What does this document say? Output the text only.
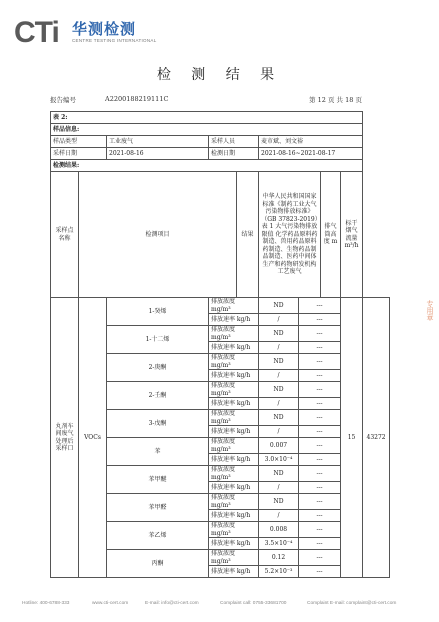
CTi 华测检测
CENTRE TESTING INTERNATIONAL
检 测 结 果
报告编号	A2200188219111C	第 12 页 共 18 页
表 2:									
样品信息:									
样品类型		工业废气	采样人员		麦市斌、刘文裕				
采样日期		2021-08-16	检测日期		2021-08-16~2021-08-17				
检测结果:									
采样点名称	检测项目			结果	中华人民共和国国家标准《制药工业大气污染物排放标准》（GB 37823-2019）表 1 大气污染物排放限值 化学药品原料药制造、兽用药品原料药制造、生物药品制品制造、医药中间体生产和药物研发机构工艺废气		排气筒高度 m	标干烟气流量 m³/h	
丸剂车间废气处理后采样口	VOCs	1-癸烯	排放浓度 mg/m³		ND	---		15	43272
			排放速率 kg/h		/	---			
		1-十二烯	排放浓度 mg/m³		ND	---			
			排放速率 kg/h		/	---			
		2-庚酮	排放浓度 mg/m³		ND	---			
			排放速率 kg/h		/	---			
		2-壬酮	排放浓度 mg/m³		ND	---			
			排放速率 kg/h		/	---			
		3-戊酮	排放浓度 mg/m³		ND	---			
			排放速率 kg/h		/	---			
		苯	排放浓度 mg/m³		0.007	---			
			排放速率 kg/h		3.0×10⁻⁴	---			
		苯甲醚	排放浓度 mg/m³		ND	---			
			排放速率 kg/h		/	---			
		苯甲醛	排放浓度 mg/m³		ND	---			
			排放速率 kg/h		/	---			
		苯乙烯	排放浓度 mg/m³		0.008	---			
			排放速率 kg/h		3.5×10⁻⁴	---			
		丙酮	排放浓度 mg/m³		0.12	---			
			排放速率 kg/h		5.2×10⁻³	---			
专用章
Hotline: 400-6788-333	www.cti-cert.com	E-mail: info@cti-cert.com	Complaint call: 0755-33681700	Complaint E-mail: complaint@cti-cert.com
